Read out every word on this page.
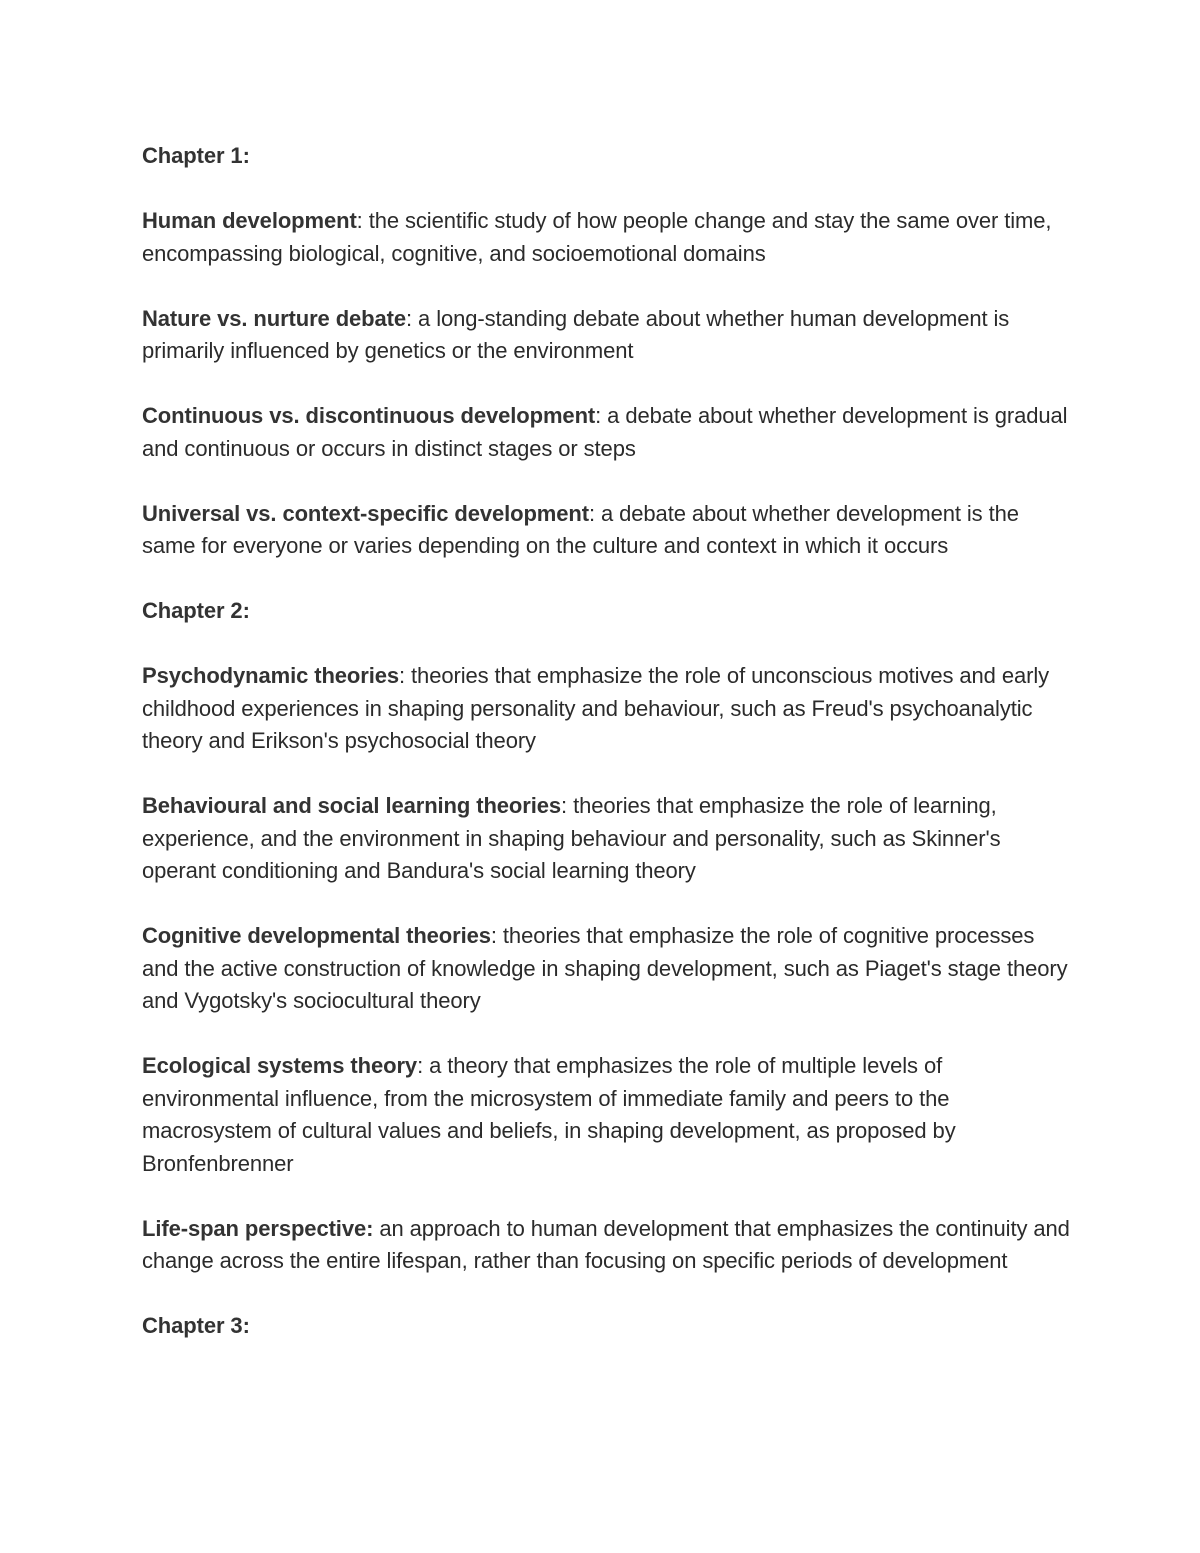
Chapter 1:

Human development: the scientific study of how people change and stay the same over time, encompassing biological, cognitive, and socioemotional domains

Nature vs. nurture debate: a long-standing debate about whether human development is primarily influenced by genetics or the environment

Continuous vs. discontinuous development: a debate about whether development is gradual and continuous or occurs in distinct stages or steps

Universal vs. context-specific development: a debate about whether development is the same for everyone or varies depending on the culture and context in which it occurs

Chapter 2:

Psychodynamic theories: theories that emphasize the role of unconscious motives and early childhood experiences in shaping personality and behaviour, such as Freud's psychoanalytic theory and Erikson's psychosocial theory

Behavioural and social learning theories: theories that emphasize the role of learning, experience, and the environment in shaping behaviour and personality, such as Skinner's operant conditioning and Bandura's social learning theory

Cognitive developmental theories: theories that emphasize the role of cognitive processes and the active construction of knowledge in shaping development, such as Piaget's stage theory and Vygotsky's sociocultural theory

Ecological systems theory: a theory that emphasizes the role of multiple levels of environmental influence, from the microsystem of immediate family and peers to the macrosystem of cultural values and beliefs, in shaping development, as proposed by Bronfenbrenner

Life-span perspective: an approach to human development that emphasizes the continuity and change across the entire lifespan, rather than focusing on specific periods of development

Chapter 3:
